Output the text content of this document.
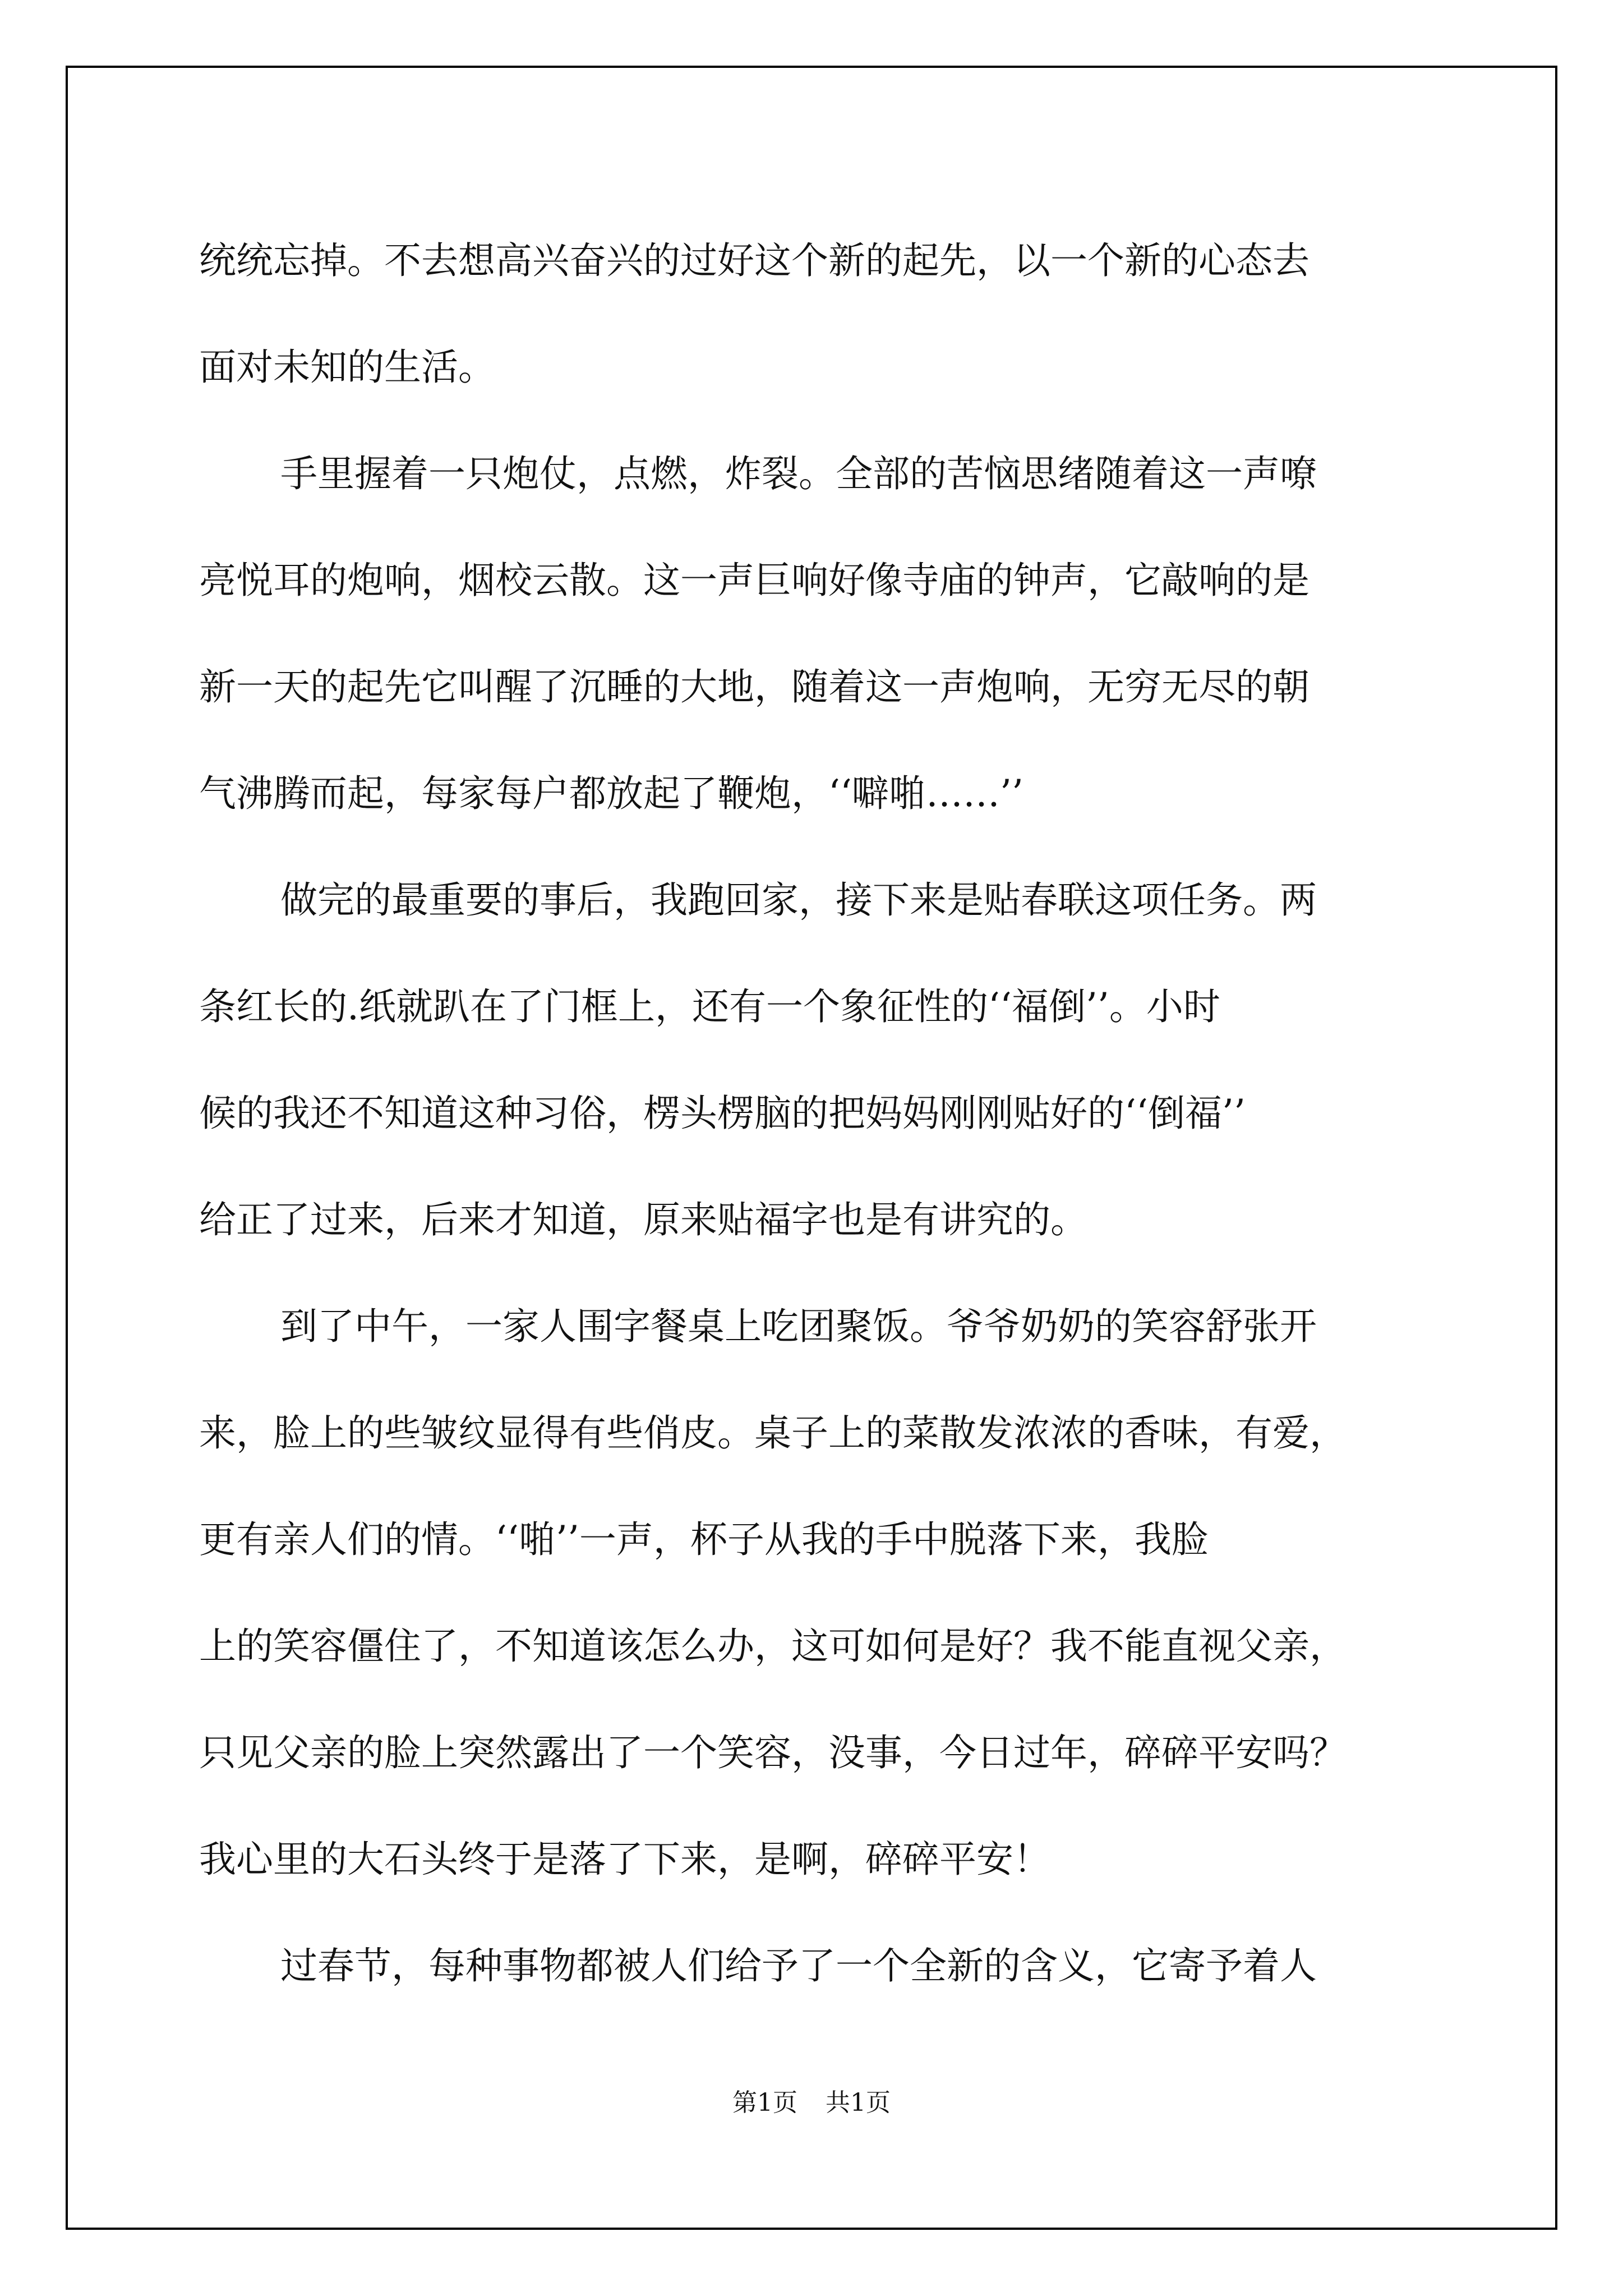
统统忘掉。不去想高兴奋兴的过好这个新的起先，以一个新的心态去
面对未知的生活。
手里握着一只炮仗，点燃，炸裂。全部的苦恼思绪随着这一声嘹
亮悦耳的炮响，烟校云散。这一声巨响好像寺庙的钟声，它敲响的是
新一天的起先它叫醒了沉睡的大地，随着这一声炮响，无穷无尽的朝
气沸腾而起，每家每户都放起了鞭炮，‘‘噼啪……’’
做完的最重要的事后，我跑回家，接下来是贴春联这项任务。两
条红长的.纸就趴在了门框上，还有一个象征性的‘‘福倒’’。小时
候的我还不知道这种习俗，楞头楞脑的把妈妈刚刚贴好的‘‘倒福’’
给正了过来，后来才知道，原来贴福字也是有讲究的。
到了中午，一家人围字餐桌上吃团聚饭。爷爷奶奶的笑容舒张开
来，脸上的些皱纹显得有些俏皮。桌子上的菜散发浓浓的香味，有爱，
更有亲人们的情。‘‘啪’’一声，杯子从我的手中脱落下来，我脸
上的笑容僵住了，不知道该怎么办，这可如何是好？我不能直视父亲，
只见父亲的脸上突然露出了一个笑容，没事，今日过年，碎碎平安吗？
我心里的大石头终于是落了下来，是啊，碎碎平安！
过春节，每种事物都被人们给予了一个全新的含义，它寄予着人
第1页 共1页
